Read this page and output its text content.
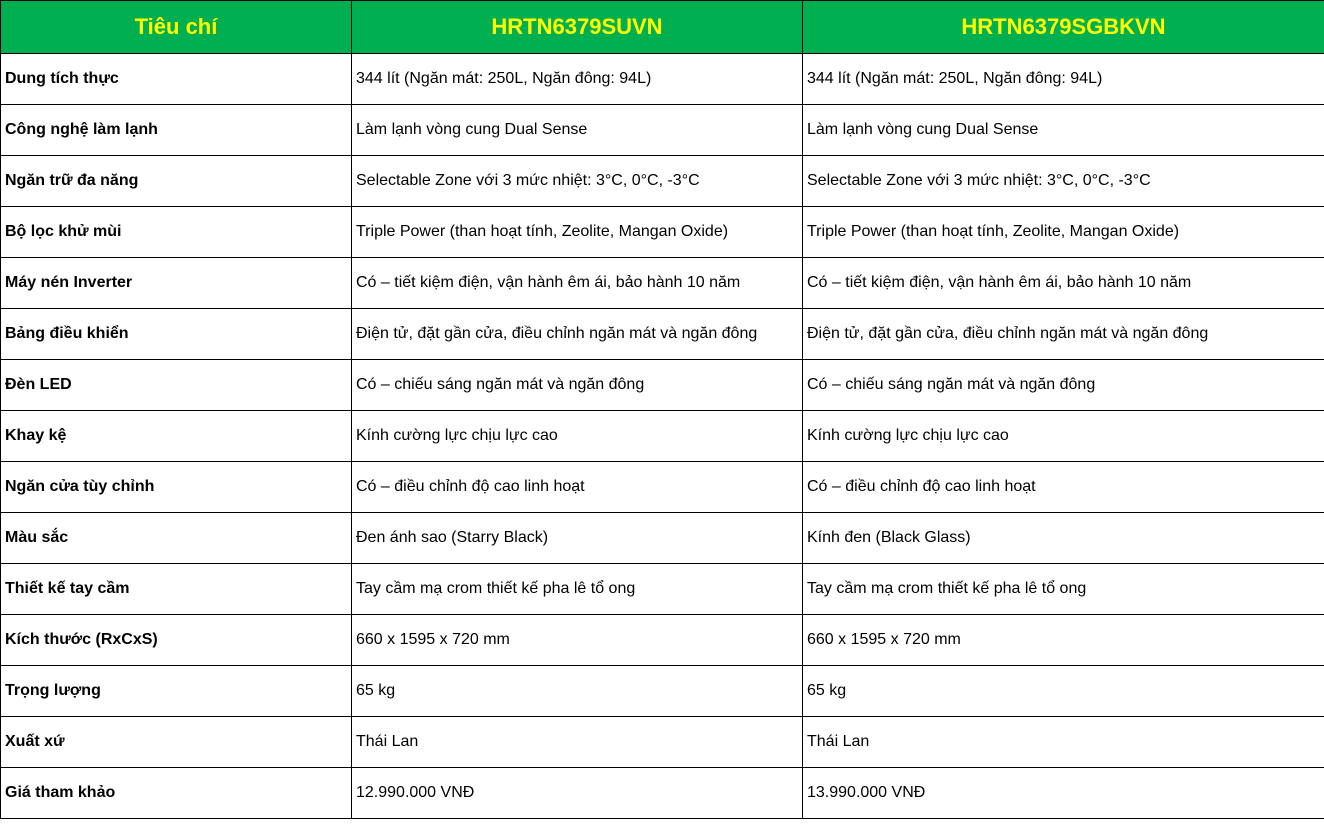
Tiêu chí	HRTN6379SUVN	HRTN6379SGBKVN
Dung tích thực	344 lít (Ngăn mát: 250L, Ngăn đông: 94L)	344 lít (Ngăn mát: 250L, Ngăn đông: 94L)
Công nghệ làm lạnh	Làm lạnh vòng cung Dual Sense	Làm lạnh vòng cung Dual Sense
Ngăn trữ đa năng	Selectable Zone với 3 mức nhiệt: 3°C, 0°C, -3°C	Selectable Zone với 3 mức nhiệt: 3°C, 0°C, -3°C
Bộ lọc khử mùi	Triple Power (than hoạt tính, Zeolite, Mangan Oxide)	Triple Power (than hoạt tính, Zeolite, Mangan Oxide)
Máy nén Inverter	Có – tiết kiệm điện, vận hành êm ái, bảo hành 10 năm	Có – tiết kiệm điện, vận hành êm ái, bảo hành 10 năm
Bảng điều khiển	Điện tử, đặt gần cửa, điều chỉnh ngăn mát và ngăn đông	Điện tử, đặt gần cửa, điều chỉnh ngăn mát và ngăn đông
Đèn LED	Có – chiếu sáng ngăn mát và ngăn đông	Có – chiếu sáng ngăn mát và ngăn đông
Khay kệ	Kính cường lực chịu lực cao	Kính cường lực chịu lực cao
Ngăn cửa tùy chỉnh	Có – điều chỉnh độ cao linh hoạt	Có – điều chỉnh độ cao linh hoạt
Màu sắc	Đen ánh sao (Starry Black)	Kính đen (Black Glass)
Thiết kế tay cầm	Tay cầm mạ crom thiết kế pha lê tổ ong	Tay cầm mạ crom thiết kế pha lê tổ ong
Kích thước (RxCxS)	660 x 1595 x 720 mm	660 x 1595 x 720 mm
Trọng lượng	65 kg	65 kg
Xuất xứ	Thái Lan	Thái Lan
Giá tham khảo	12.990.000 VNĐ	13.990.000 VNĐ
